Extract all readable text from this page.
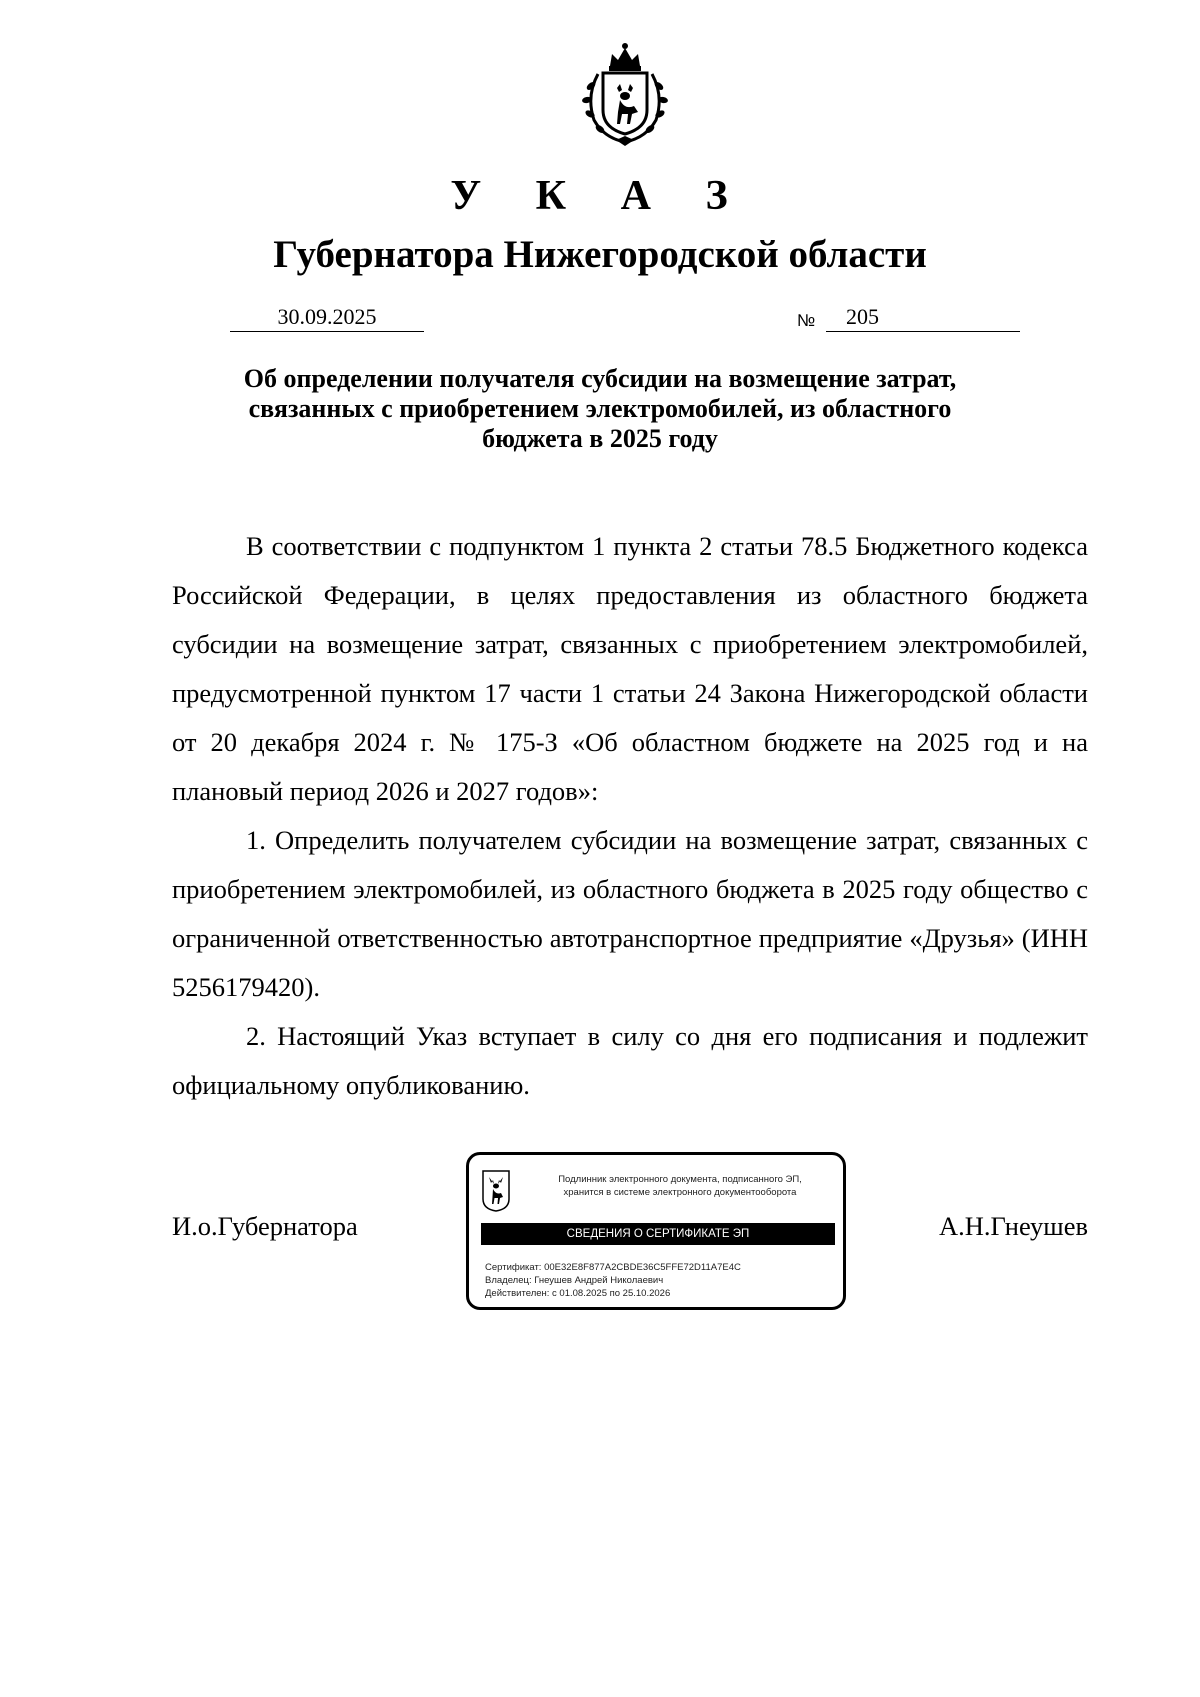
У К А З
Губернатора Нижегородской области
30.09.2025	№	205
Об определении получателя субсидии на возмещение затрат,
связанных с приобретением электромобилей, из областного
бюджета в 2025 году

В соответствии с подпунктом 1 пункта 2 статьи 78.5 Бюджетного кодекса Российской Федерации, в целях предоставления из областного бюджета субсидии на возмещение затрат, связанных с приобретением электромобилей, предусмотренной пунктом 17 части 1 статьи 24 Закона Нижегородской области от 20 декабря 2024 г. № 175-З «Об областном бюджете на 2025 год и на плановый период 2026 и 2027 годов»:

1. Определить получателем субсидии на возмещение затрат, связанных с приобретением электромобилей, из областного бюджета в 2025 году общество с ограниченной ответственностью автотранспортное предприятие «Друзья» (ИНН 5256179420).

2. Настоящий Указ вступает в силу со дня его подписания и подлежит официальному опубликованию.

И.о.Губернатора	А.Н.Гнеушев
Подлинник электронного документа, подписанного ЭП,
хранится в системе электронного документооборота
СВЕДЕНИЯ О СЕРТИФИКАТЕ ЭП
Сертификат: 00E32E8F877A2CBDE36C5FFE72D11A7E4C
Владелец: Гнеушев Андрей Николаевич
Действителен: с 01.08.2025 по 25.10.2026
